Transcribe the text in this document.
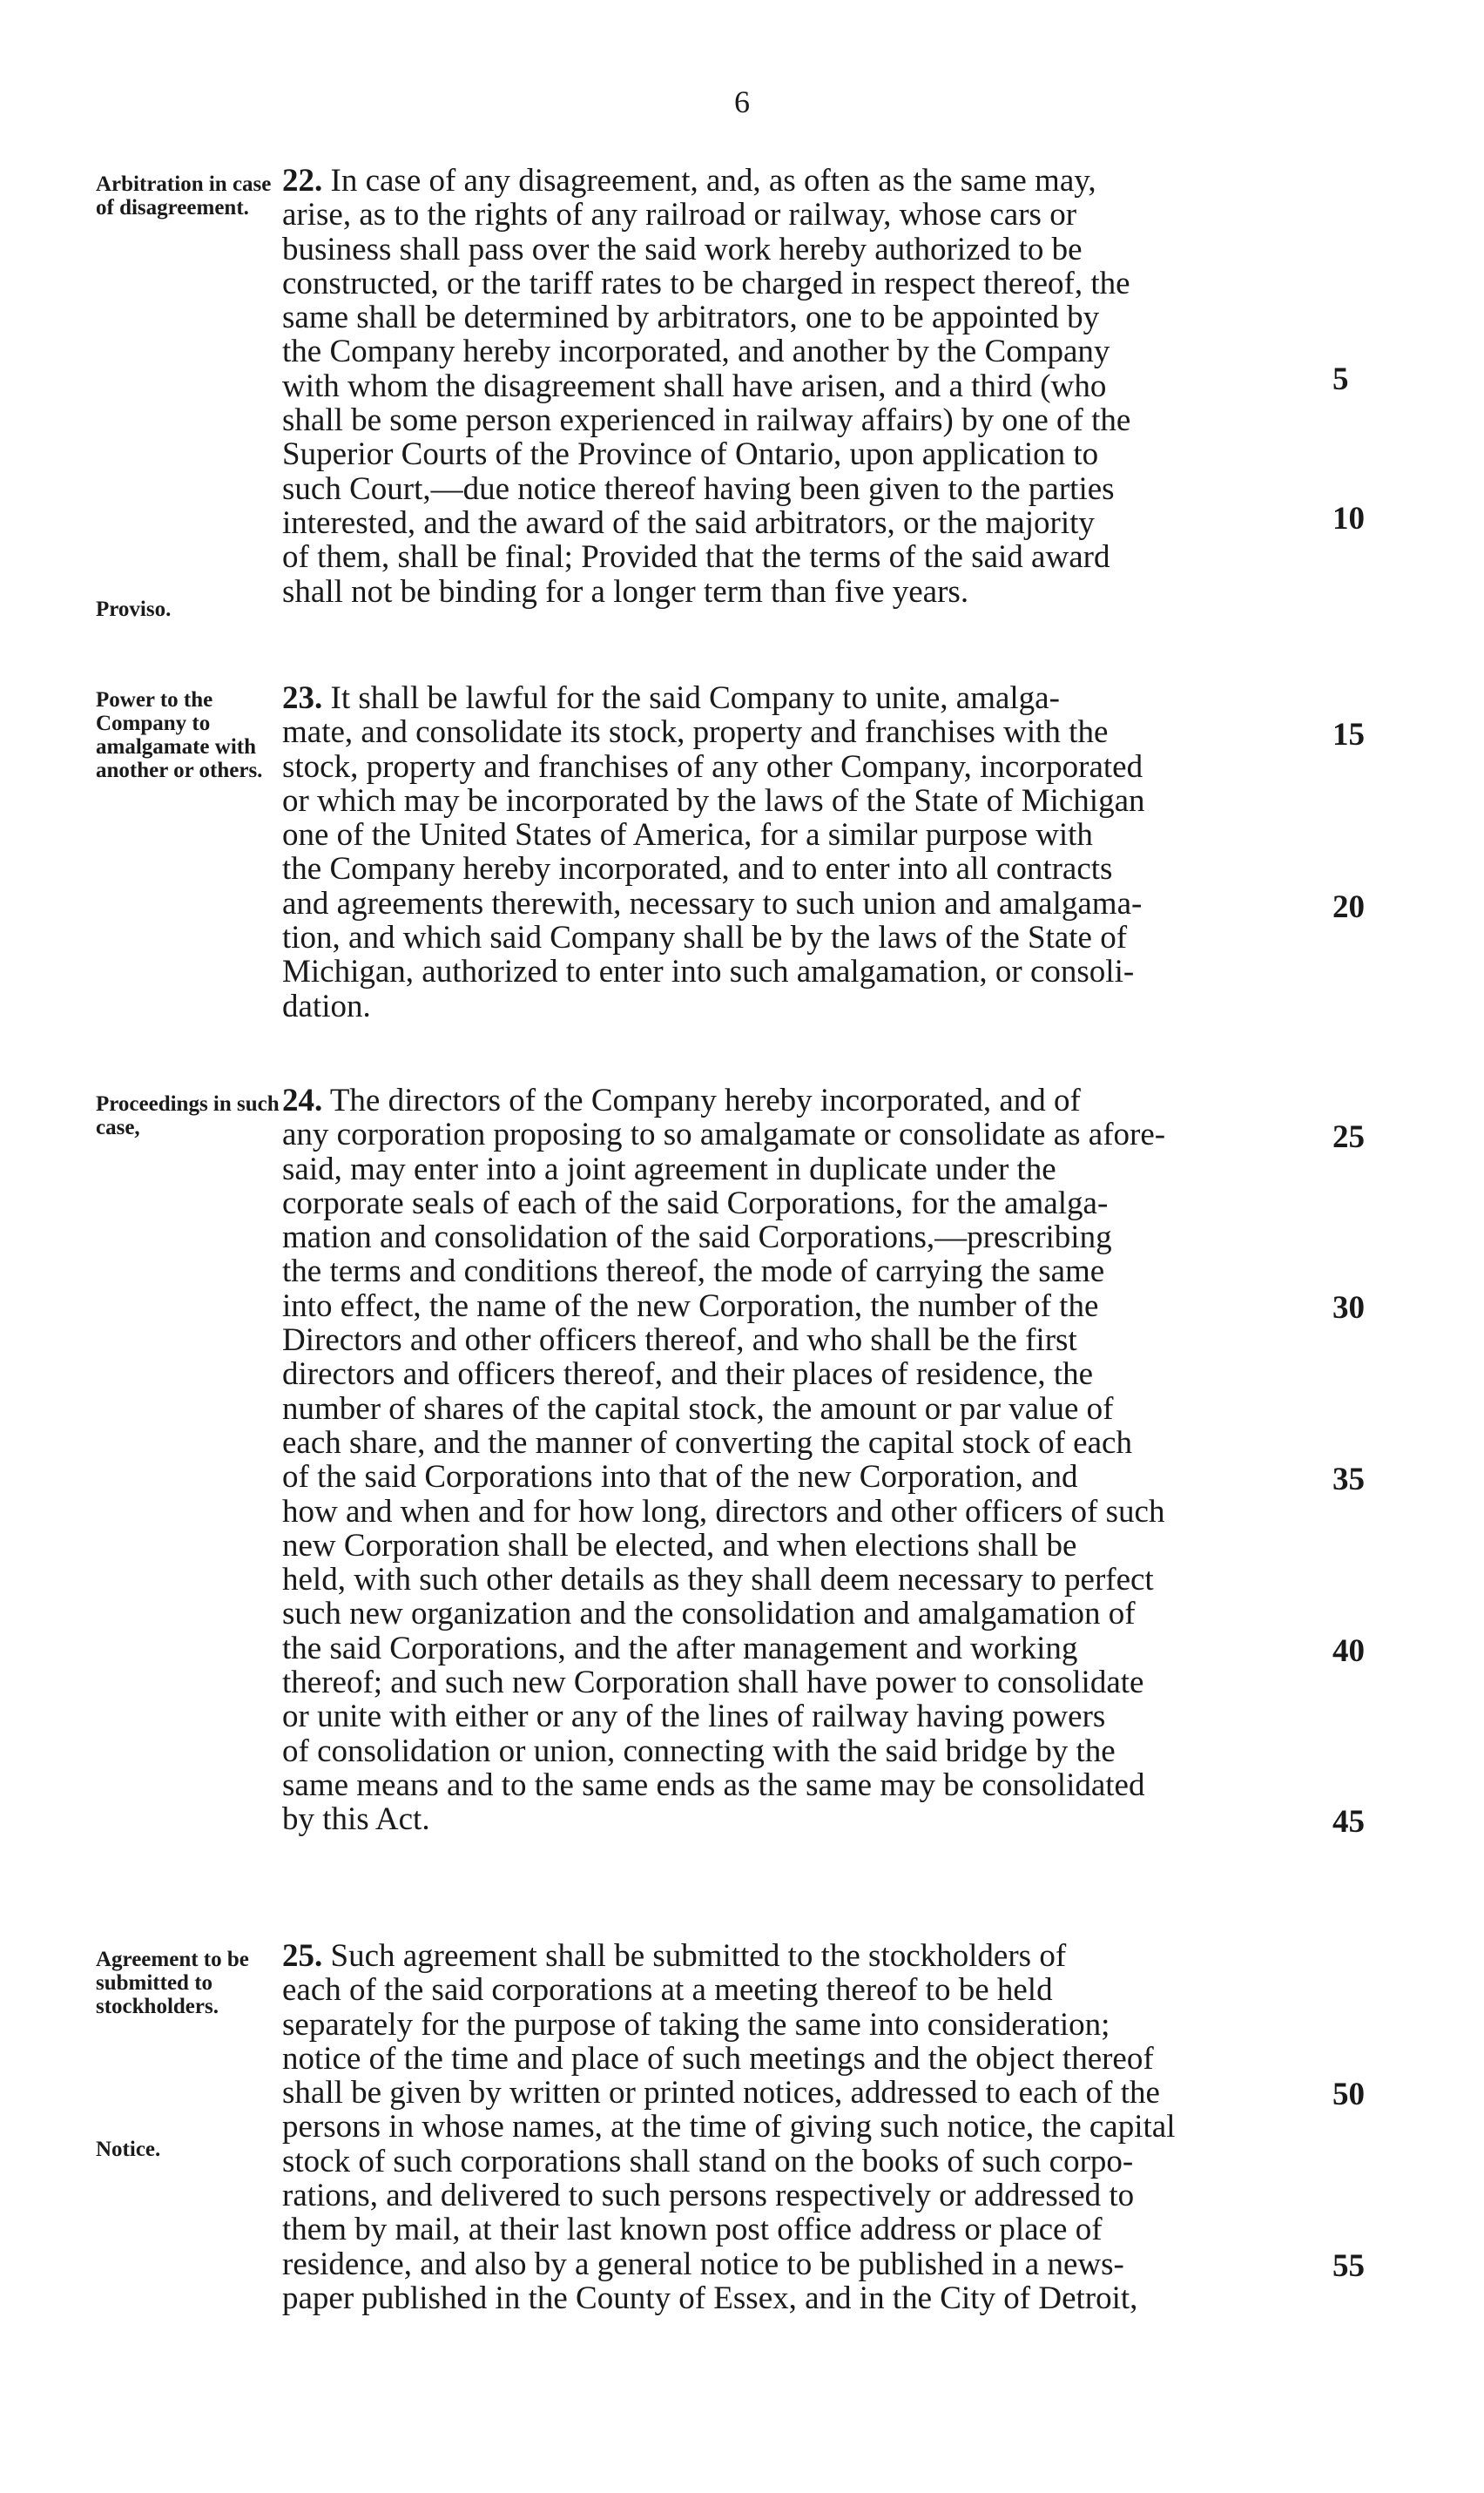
6
Arbitration in case of disagreement.
Proviso.
22. In case of any disagreement, and, as often as the same may,
arise, as to the rights of any railroad or railway, whose cars or
business shall pass over the said work hereby authorized to be
constructed, or the tariff rates to be charged in respect thereof, the
same shall be determined by arbitrators, one to be appointed by
the Company hereby incorporated, and another by the Company
with whom the disagreement shall have arisen, and a third (who
shall be some person experienced in railway affairs) by one of the
Superior Courts of the Province of Ontario, upon application to
such Court,—due notice thereof having been given to the parties
interested, and the award of the said arbitrators, or the majority
of them, shall be final; Provided that the terms of the said award
shall not be binding for a longer term than five years.
5
10
Power to the Company to amalgamate with another or others.
23. It shall be lawful for the said Company to unite, amalga-
mate, and consolidate its stock, property and franchises with the
stock, property and franchises of any other Company, incorporated
or which may be incorporated by the laws of the State of Michigan
one of the United States of America, for a similar purpose with
the Company hereby incorporated, and to enter into all contracts
and agreements therewith, necessary to such union and amalgama-
tion, and which said Company shall be by the laws of the State of
Michigan, authorized to enter into such amalgamation, or consoli-
dation.
15
20
Proceedings in such case,
24. The directors of the Company hereby incorporated, and of
any corporation proposing to so amalgamate or consolidate as afore-
said, may enter into a joint agreement in duplicate under the
corporate seals of each of the said Corporations, for the amalga-
mation and consolidation of the said Corporations,—prescribing
the terms and conditions thereof, the mode of carrying the same
into effect, the name of the new Corporation, the number of the
Directors and other officers thereof, and who shall be the first
directors and officers thereof, and their places of residence, the
number of shares of the capital stock, the amount or par value of
each share, and the manner of converting the capital stock of each
of the said Corporations into that of the new Corporation, and
how and when and for how long, directors and other officers of such
new Corporation shall be elected, and when elections shall be
held, with such other details as they shall deem necessary to perfect
such new organization and the consolidation and amalgamation of
the said Corporations, and the after management and working
thereof; and such new Corporation shall have power to consolidate
or unite with either or any of the lines of railway having powers
of consolidation or union, connecting with the said bridge by the
same means and to the same ends as the same may be consolidated
by this Act.
25
30
35
40
45
Agreement to be submitted to stockholders.
Notice.
25. Such agreement shall be submitted to the stockholders of
each of the said corporations at a meeting thereof to be held
separately for the purpose of taking the same into consideration;
notice of the time and place of such meetings and the object thereof
shall be given by written or printed notices, addressed to each of the
persons in whose names, at the time of giving such notice, the capital
stock of such corporations shall stand on the books of such corpo-
rations, and delivered to such persons respectively or addressed to
them by mail, at their last known post office address or place of
residence, and also by a general notice to be published in a news-
paper published in the County of Essex, and in the City of Detroit,
50
55
